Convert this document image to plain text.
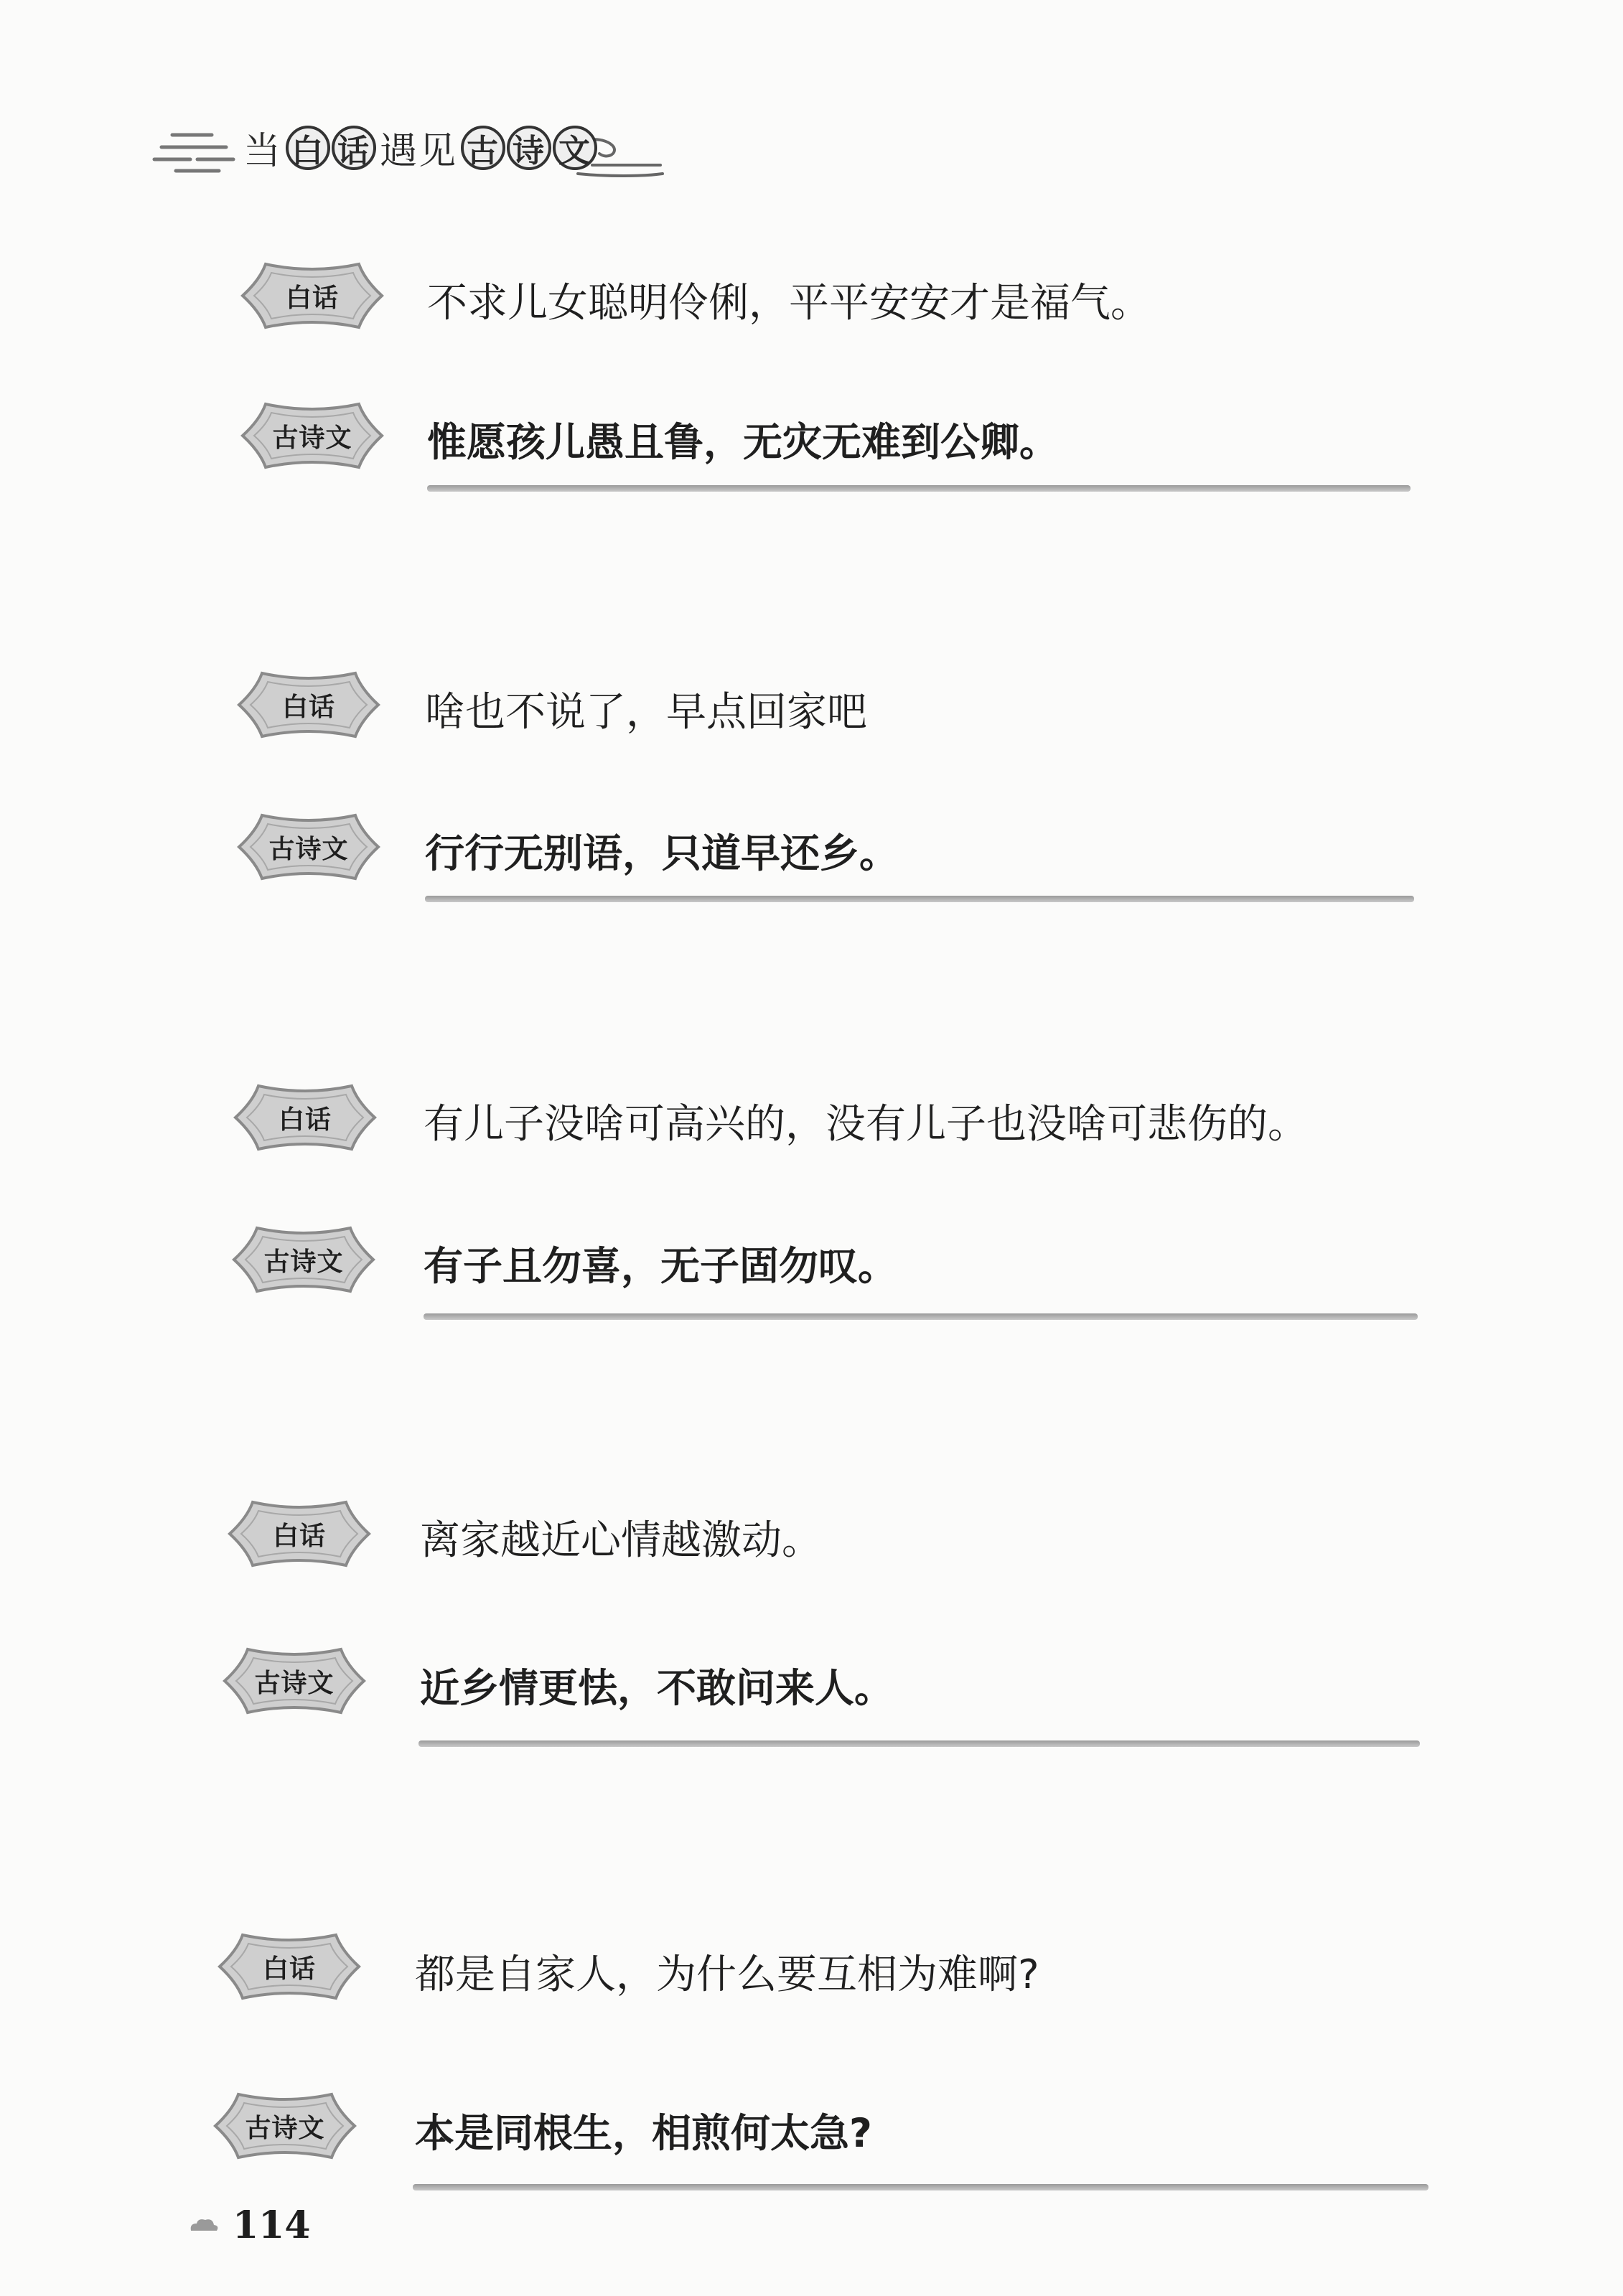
当 白 话 遇见 古 诗 文
白话 不求儿女聪明伶俐，平平安安才是福气。
古诗文 惟愿孩儿愚且鲁，无灾无难到公卿。
白话 啥也不说了，早点回家吧
古诗文 行行无别语，只道早还乡。
白话 有儿子没啥可高兴的，没有儿子也没啥可悲伤的。
古诗文 有子且勿喜，无子固勿叹。
白话 离家越近心情越激动。
古诗文 近乡情更怯，不敢问来人。
白话 都是自家人，为什么要互相为难啊?
古诗文 本是同根生，相煎何太急?
114
